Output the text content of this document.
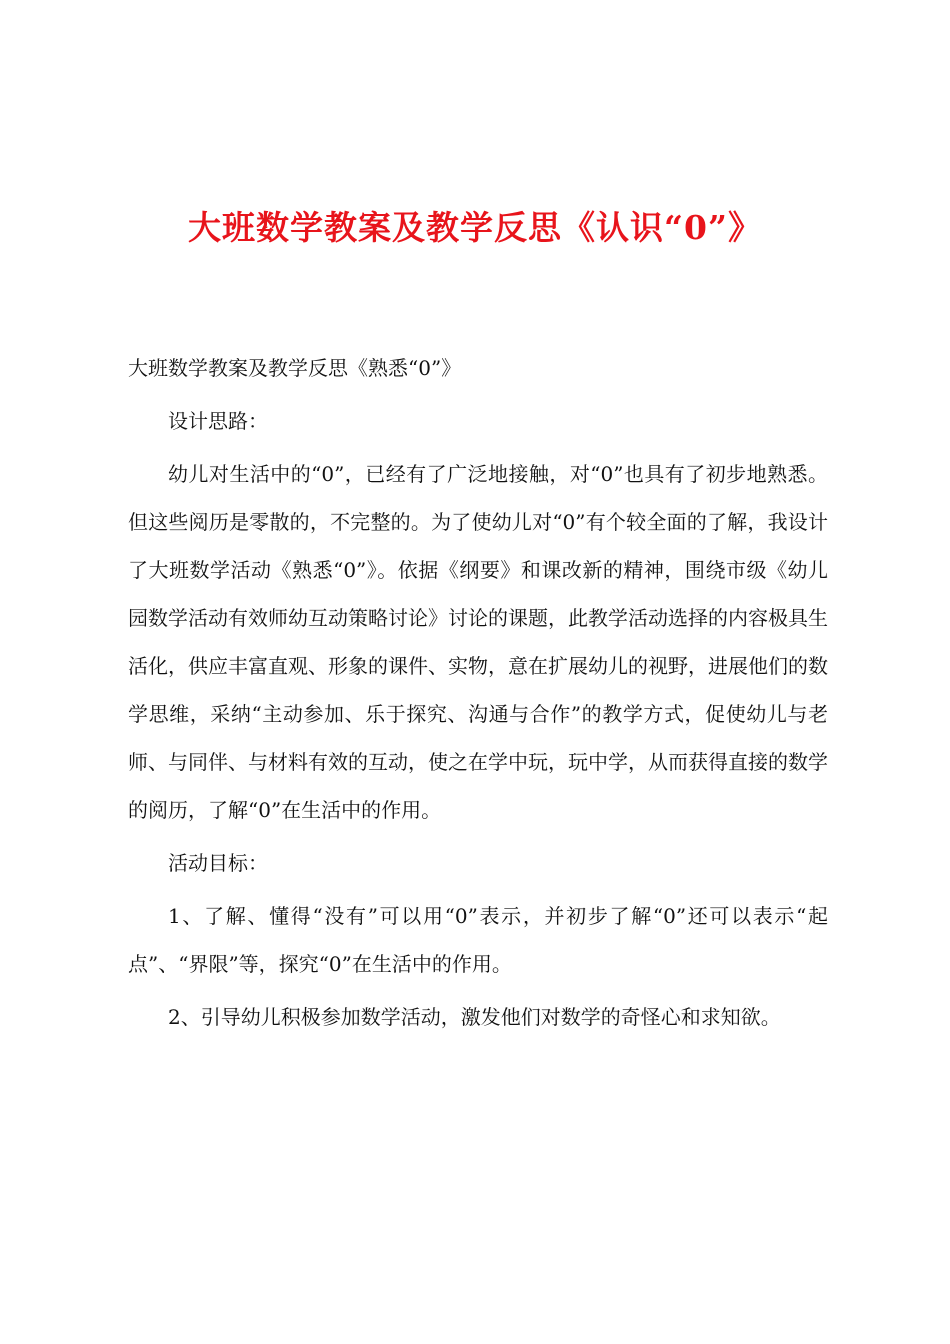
大班数学教案及教学反思《认识“0”》

大班数学教案及教学反思《熟悉“0”》

设计思路：

幼儿对生活中的“0”，已经有了广泛地接触，对“0”也具有了初步地熟悉。但这些阅历是零散的，不完整的。为了使幼儿对“0”有个较全面的了解，我设计了大班数学活动《熟悉“0”》。依据《纲要》和课改新的精神，围绕市级《幼儿园数学活动有效师幼互动策略讨论》讨论的课题，此教学活动选择的内容极具生活化，供应丰富直观、形象的课件、实物，意在扩展幼儿的视野，进展他们的数学思维，采纳“主动参加、乐于探究、沟通与合作”的教学方式，促使幼儿与老师、与同伴、与材料有效的互动，使之在学中玩，玩中学，从而获得直接的数学的阅历，了解“0”在生活中的作用。

活动目标：

1、了解、懂得“没有”可以用“0”表示，并初步了解“0”还可以表示“起点”、“界限”等，探究“0”在生活中的作用。

2、引导幼儿积极参加数学活动，激发他们对数学的奇怪心和求知欲。
